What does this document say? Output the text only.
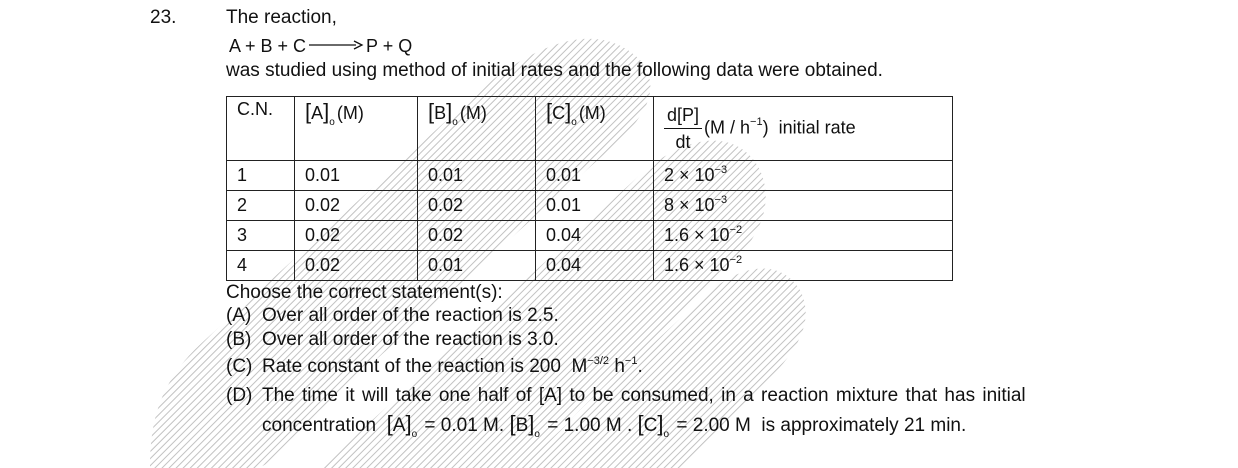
23.	The reaction,
A + B + C → P + Q
was studied using method of initial rates and the following data were obtained.
C.N.	$[A]_o$ (M)	$[B]_o$ (M)	$[C]_o$ (M)	$\frac{d[P]}{dt} (M / h^{-1})$ initial rate
1	0.01	0.01	0.01	$2 \times 10^{-3}$
2	0.02	0.02	0.01	$8 \times 10^{-3}$
3	0.02	0.02	0.04	$1.6 \times 10^{-2}$
4	0.02	0.01	0.04	$1.6 \times 10^{-2}$
Choose the correct statement(s):
(A) Over all order of the reaction is 2.5.
(B) Over all order of the reaction is 3.0.
(C) Rate constant of the reaction is 200 $M^{-3/2}$ $h^{-1}$.
(D) The time it will take one half of [A] to be consumed, in a reaction mixture that has initial
concentration $[A]_o = 0.01$ M. $[B]_o = 1.00$ M . $[C]_o = 2.00$ M is approximately 21 min.
